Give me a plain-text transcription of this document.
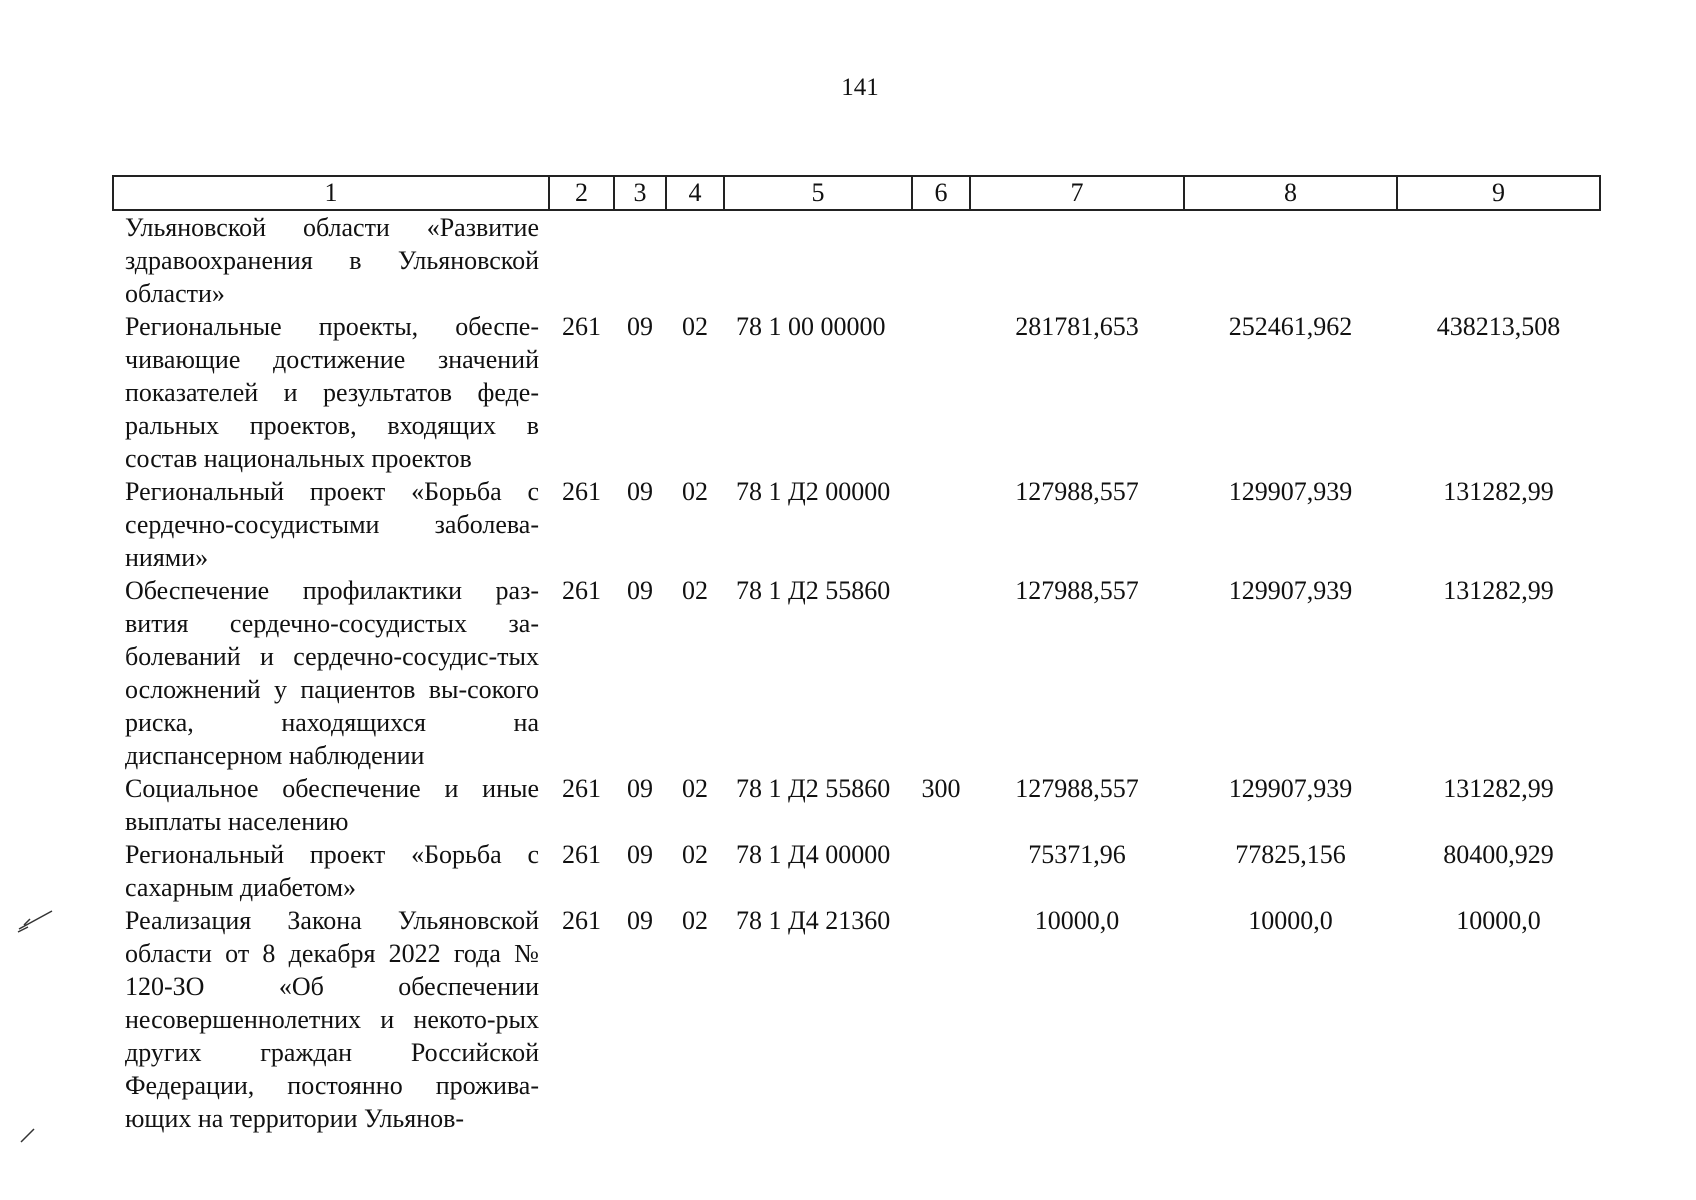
141
1	2	3	4	5	6	7	8	9
Ульяновской области «Развитие здравоохранения в Ульяновской области»								
Региональные проекты, обеспе-чивающие достижение значений показателей и результатов феде-ральных проектов, входящих в состав национальных проектов	261	09	02	78 1 00 00000		281781,653	252461,962	438213,508
Региональный проект «Борьба с сердечно-сосудистыми заболева-ниями»	261	09	02	78 1 Д2 00000		127988,557	129907,939	131282,99
Обеспечение профилактики раз-вития сердечно-сосудистых за-болеваний и сердечно-сосудис-тых осложнений у пациентов вы-сокого риска, находящихся на диспансерном наблюдении	261	09	02	78 1 Д2 55860		127988,557	129907,939	131282,99
Социальное обеспечение и иные выплаты населению	261	09	02	78 1 Д2 55860	300	127988,557	129907,939	131282,99
Региональный проект «Борьба с сахарным диабетом»	261	09	02	78 1 Д4 00000		75371,96	77825,156	80400,929
Реализация Закона Ульяновской области от 8 декабря 2022 года № 120-ЗО «Об обеспечении несовершеннолетних и некото-рых других граждан Российской Федерации, постоянно прожива-ющих на территории Ульянов-	261	09	02	78 1 Д4 21360		10000,0	10000,0	10000,0
